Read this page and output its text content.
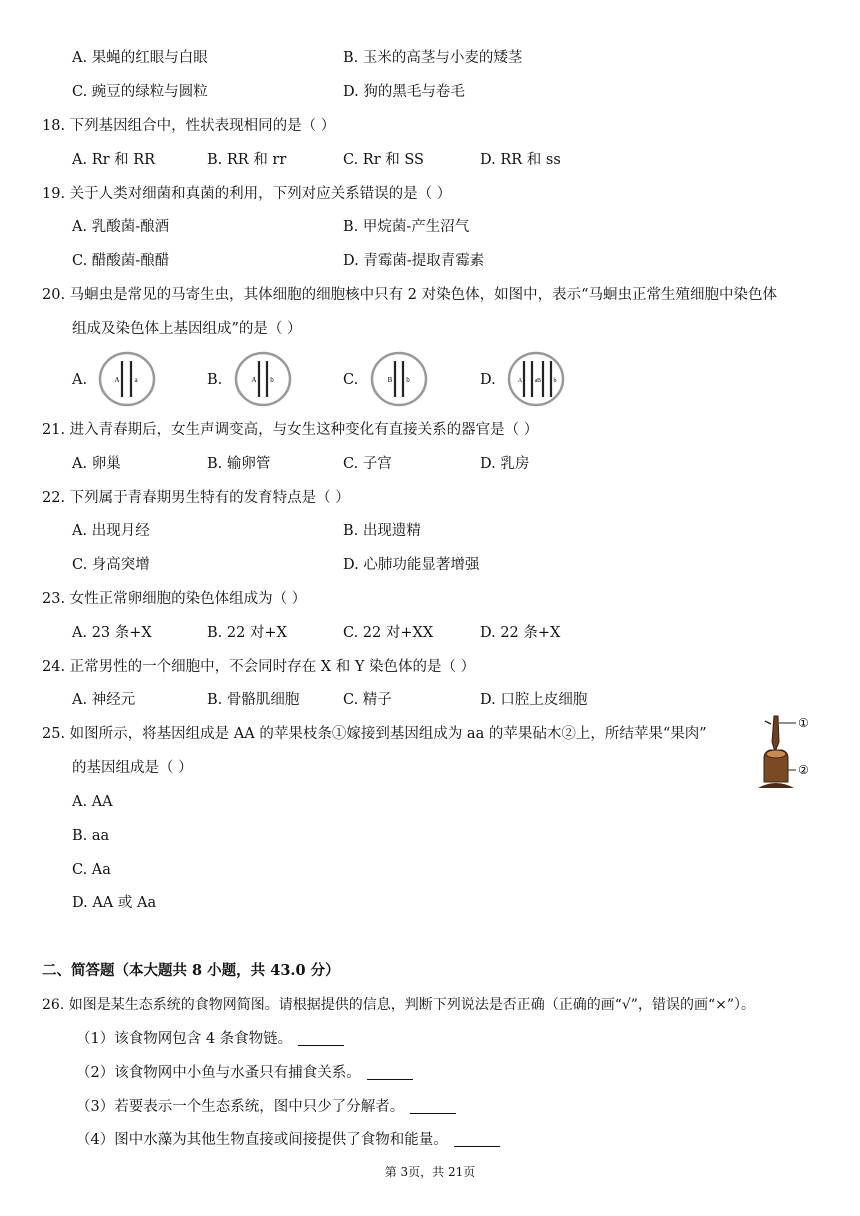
A. 果蝇的红眼与白眼	B. 玉米的高茎与小麦的矮茎
C. 豌豆的绿粒与圆粒	D. 狗的黑毛与卷毛
18. 下列基因组合中，性状表现相同的是（ ）
A. Rr 和 RR	B. RR 和 rr	C. Rr 和 SS	D. RR 和 ss
19. 关于人类对细菌和真菌的利用，下列对应关系错误的是（ ）
A. 乳酸菌-酿酒	B. 甲烷菌-产生沼气
C. 醋酸菌-酿醋	D. 青霉菌-提取青霉素
20. 马蛔虫是常见的马寄生虫，其体细胞的细胞核中只有 2 对染色体，如图中，表示“马蛔虫正常生殖细胞中染色体
组成及染色体上基因组成”的是（ ）
A.	A a	B.	A b	C.	B b	D.	A a B b
21. 进入青春期后，女生声调变高，与女生这种变化有直接关系的器官是（ ）
A. 卵巢	B. 输卵管	C. 子宫	D. 乳房
22. 下列属于青春期男生特有的发育特点是（ ）
A. 出现月经	B. 出现遗精
C. 身高突增	D. 心肺功能显著增强
23. 女性正常卵细胞的染色体组成为（ ）
A. 23 条+X	B. 22 对+X	C. 22 对+XX	D. 22 条+X
24. 正常男性的一个细胞中，不会同时存在 X 和 Y 染色体的是（ ）
A. 神经元	B. 骨骼肌细胞	C. 精子	D. 口腔上皮细胞
25. 如图所示，将基因组成是 AA 的苹果枝条①嫁接到基因组成为 aa 的苹果砧木②上，所结苹果“果肉”
的基因组成是（ ）
A. AA
B. aa
C. Aa
D. AA 或 Aa
①
②
二、简答题（本大题共 8 小题，共 43.0 分）
26. 如图是某生态系统的食物网简图。请根据提供的信息，判断下列说法是否正确（正确的画“√”，错误的画“×”）。
（1）该食物网包含 4 条食物链。
（2）该食物网中小鱼与水蚤只有捕食关系。
（3）若要表示一个生态系统，图中只少了分解者。
（4）图中水藻为其他生物直接或间接提供了食物和能量。
第 3页，共 21页
